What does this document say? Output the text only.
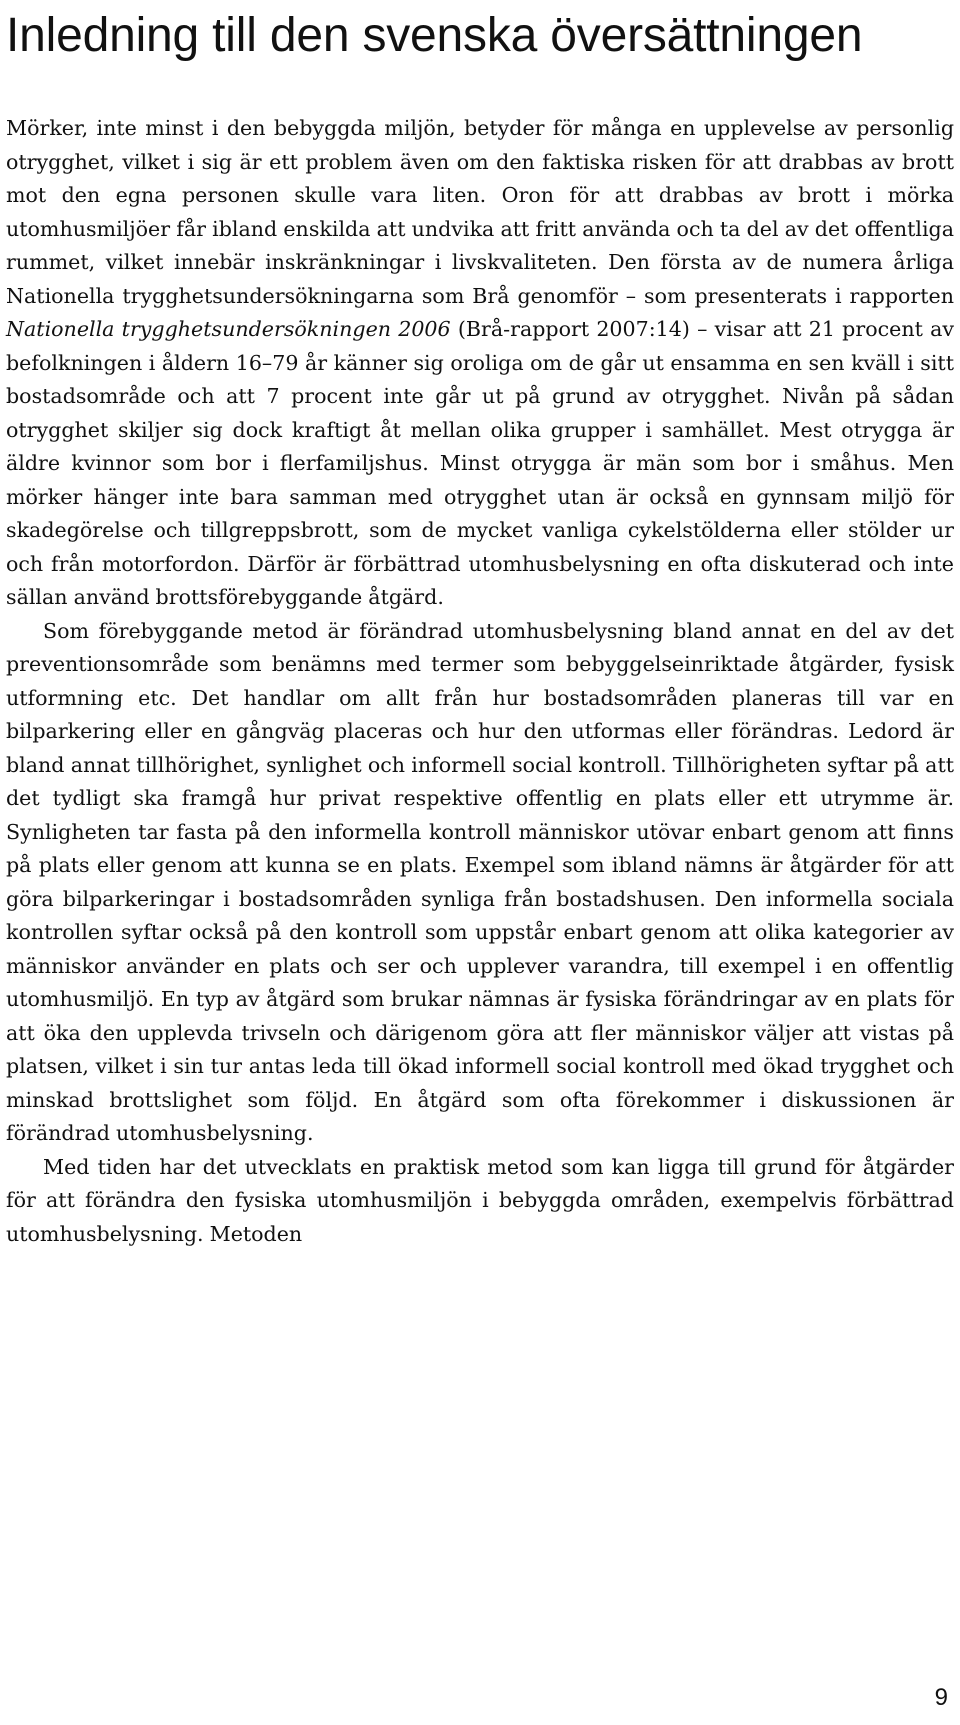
Inledning till den svenska översättningen

Mörker, inte minst i den bebyggda miljön, betyder för många en upplevelse av personlig otrygghet, vilket i sig är ett problem även om den faktiska risken för att drabbas av brott mot den egna personen skulle vara liten. Oron för att drabbas av brott i mörka utomhusmiljöer får ibland enskilda att undvika att fritt använda och ta del av det offentliga rummet, vilket innebär inskränkningar i livskvaliteten. Den första av de numera årliga Nationella trygghetsundersökningarna som Brå genomför – som presenterats i rapporten Nationella trygghetsundersökningen 2006 (Brå-rapport 2007:14) – visar att 21 procent av befolkningen i åldern 16–79 år känner sig oroliga om de går ut ensamma en sen kväll i sitt bostadsområde och att 7 procent inte går ut på grund av otrygghet. Nivån på sådan otrygghet skiljer sig dock kraftigt åt mellan olika grupper i samhället. Mest otrygga är äldre kvinnor som bor i flerfamiljshus. Minst otrygga är män som bor i småhus. Men mörker hänger inte bara samman med otrygghet utan är också en gynnsam miljö för skadegörelse och tillgreppsbrott, som de mycket vanliga cykelstölderna eller stölder ur och från motorfordon. Därför är förbättrad utomhusbelysning en ofta diskuterad och inte sällan använd brottsförebyggande åtgärd.

Som förebyggande metod är förändrad utomhusbelysning bland annat en del av det preventionsområde som benämns med termer som bebyggelseinriktade åtgärder, fysisk utformning etc. Det handlar om allt från hur bostadsområden planeras till var en bilparkering eller en gångväg placeras och hur den utformas eller förändras. Ledord är bland annat tillhörighet, synlighet och informell social kontroll. Tillhörigheten syftar på att det tydligt ska framgå hur privat respektive offentlig en plats eller ett utrymme är. Synligheten tar fasta på den informella kontroll människor utövar enbart genom att finns på plats eller genom att kunna se en plats. Exempel som ibland nämns är åtgärder för att göra bilparkeringar i bostadsområden synliga från bostadshusen. Den informella sociala kontrollen syftar också på den kontroll som uppstår enbart genom att olika kategorier av människor använder en plats och ser och upplever varandra, till exempel i en offentlig utomhusmiljö. En typ av åtgärd som brukar nämnas är fysiska förändringar av en plats för att öka den upplevda trivseln och därigenom göra att fler människor väljer att vistas på platsen, vilket i sin tur antas leda till ökad informell social kontroll med ökad trygghet och minskad brottslighet som följd. En åtgärd som ofta förekommer i diskussionen är förändrad utomhusbelysning.

Med tiden har det utvecklats en praktisk metod som kan ligga till grund för åtgärder för att förändra den fysiska utomhusmiljön i bebyggda områden, exempelvis förbättrad utomhusbelysning. Metoden

9
